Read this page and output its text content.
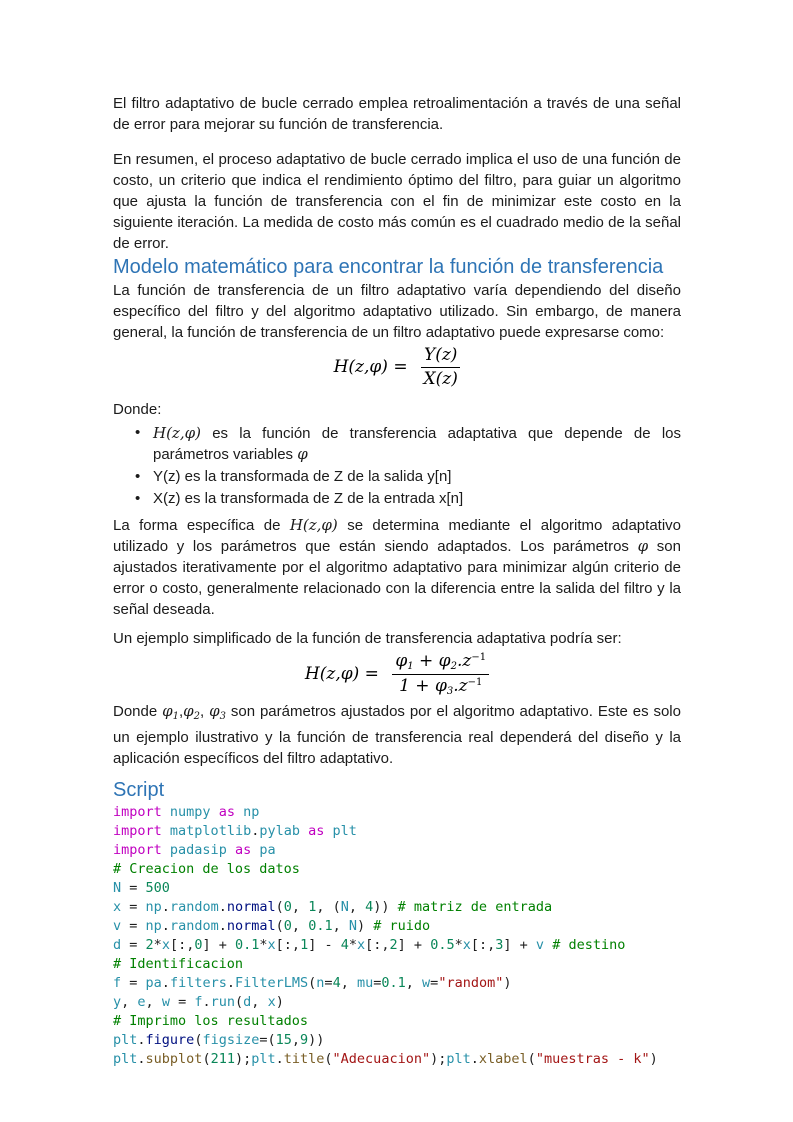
El filtro adaptativo de bucle cerrado emplea retroalimentación a través de una señal de error para mejorar su función de transferencia.

En resumen, el proceso adaptativo de bucle cerrado implica el uso de una función de costo, un criterio que indica el rendimiento óptimo del filtro, para guiar un algoritmo que ajusta la función de transferencia con el fin de minimizar este costo en la siguiente iteración. La medida de costo más común es el cuadrado medio de la señal de error.

Modelo matemático para encontrar la función de transferencia

La función de transferencia de un filtro adaptativo varía dependiendo del diseño específico del filtro y del algoritmo adaptativo utilizado. Sin embargo, de manera general, la función de transferencia de un filtro adaptativo puede expresarse como:

$H(z,\varphi) = \frac{Y(z)}{X(z)}$

Donde:

• H(z,φ) es la función de transferencia adaptativa que depende de los parámetros variables φ
• Y(z) es la transformada de Z de la salida y[n]
• X(z) es la transformada de Z de la entrada x[n]

La forma específica de H(z,φ) se determina mediante el algoritmo adaptativo utilizado y los parámetros que están siendo adaptados. Los parámetros φ son ajustados iterativamente por el algoritmo adaptativo para minimizar algún criterio de error o costo, generalmente relacionado con la diferencia entre la salida del filtro y la señal deseada.

Un ejemplo simplificado de la función de transferencia adaptativa podría ser:

$H(z,\varphi) = \frac{\varphi 1 + \varphi 2.z^{-1}}{1 + \varphi 3.z^{-1}}$

Donde $\varphi_1,\varphi_2$, $\varphi_3$ son parámetros ajustados por el algoritmo adaptativo. Este es solo un ejemplo ilustrativo y la función de transferencia real dependerá del diseño y la aplicación específicos del filtro adaptativo.

Script
import numpy as np
import matplotlib.pylab as plt
import padasip as pa
# Creacion de los datos
N = 500
x = np.random.normal(0, 1, (N, 4)) # matriz de entrada
v = np.random.normal(0, 0.1, N) # ruido
d = 2*x[:,0] + 0.1*x[:,1] - 4*x[:,2] + 0.5*x[:,3] + v # destino
# Identificacion
f = pa.filters.FilterLMS(n=4, mu=0.1, w="random")
y, e, w = f.run(d, x)
# Imprimo los resultados
plt.figure(figsize=(15,9))
plt.subplot(211);plt.title("Adecuacion");plt.xlabel("muestras - k")
